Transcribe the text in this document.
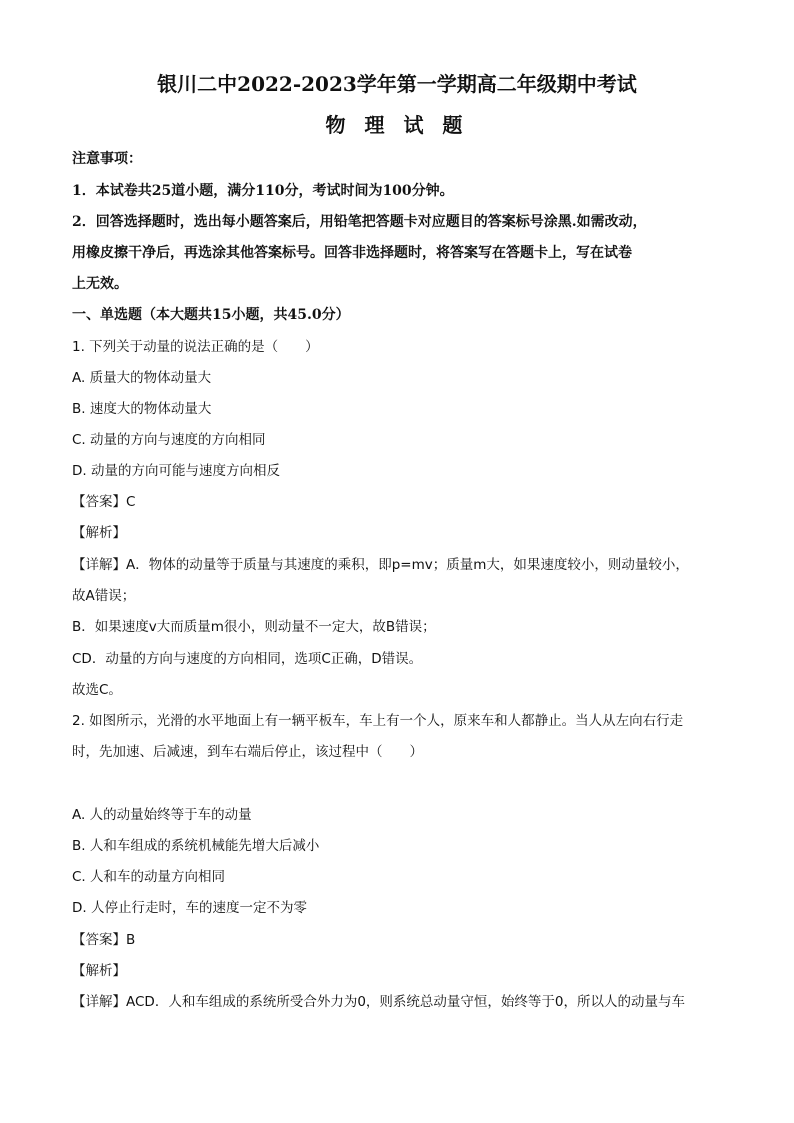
银川二中2022-2023学年第一学期高二年级期中考试
物 理 试 题
注意事项：
1．本试卷共25道小题，满分110分，考试时间为100分钟。
2．回答选择题时，选出每小题答案后，用铅笔把答题卡对应题目的答案标号涂黑.如需改动，
用橡皮擦干净后，再选涂其他答案标号。回答非选择题时，将答案写在答题卡上，写在试卷
上无效。
一、单选题（本大题共15小题，共45.0分）
1. 下列关于动量的说法正确的是（　　）
A. 质量大的物体动量大
B. 速度大的物体动量大
C. 动量的方向与速度的方向相同
D. 动量的方向可能与速度方向相反
【答案】C
【解析】
【详解】A．物体的动量等于质量与其速度的乘积，即p=mv；质量m大，如果速度较小，则动量较小，
故A错误；
B．如果速度v大而质量m很小，则动量不一定大，故B错误；
CD．动量的方向与速度的方向相同，选项C正确，D错误。
故选C。
2. 如图所示，光滑的水平地面上有一辆平板车，车上有一个人，原来车和人都静止。当人从左向右行走
时，先加速、后减速，到车右端后停止，该过程中（　　）
A. 人的动量始终等于车的动量
B. 人和车组成的系统机械能先增大后减小
C. 人和车的动量方向相同
D. 人停止行走时，车的速度一定不为零
【答案】B
【解析】
【详解】ACD．人和车组成的系统所受合外力为0，则系统总动量守恒，始终等于0，所以人的动量与车
